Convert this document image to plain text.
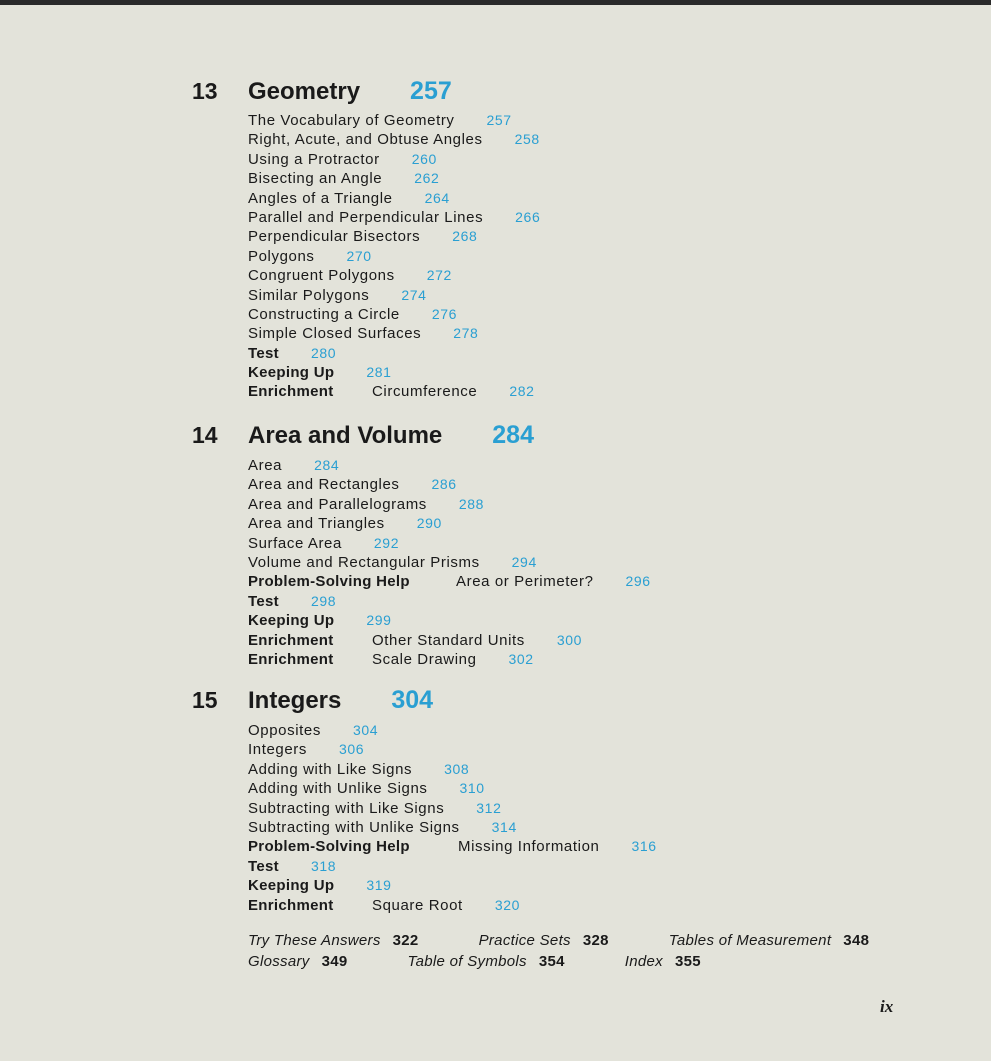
13 Geometry 257
The Vocabulary of Geometry 257
Right, Acute, and Obtuse Angles 258
Using a Protractor 260
Bisecting an Angle 262
Angles of a Triangle 264
Parallel and Perpendicular Lines 266
Perpendicular Bisectors 268
Polygons 270
Congruent Polygons 272
Similar Polygons 274
Constructing a Circle 276
Simple Closed Surfaces 278
Test 280
Keeping Up 281
Enrichment	Circumference 282
14 Area and Volume 284
Area 284
Area and Rectangles 286
Area and Parallelograms 288
Area and Triangles 290
Surface Area 292
Volume and Rectangular Prisms 294
Problem-Solving Help	Area or Perimeter? 296
Test 298
Keeping Up 299
Enrichment	Other Standard Units 300
Enrichment	Scale Drawing 302
15 Integers 304
Opposites 304
Integers 306
Adding with Like Signs 308
Adding with Unlike Signs 310
Subtracting with Like Signs 312
Subtracting with Unlike Signs 314
Problem-Solving Help	Missing Information 316
Test 318
Keeping Up 319
Enrichment	Square Root 320
Try These Answers 322	Practice Sets 328	Tables of Measurement 348
Glossary 349	Table of Symbols 354	Index 355
ix
